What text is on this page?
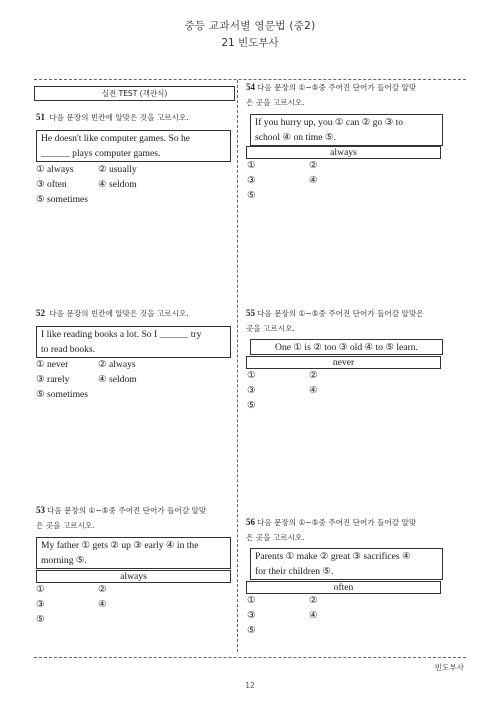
중등 교과서별 영문법 (중2)
21 빈도부사
실전 TEST (객관식)
51 다음 문장의 빈칸에 알맞은 것을 고르시오.
He doesn't like computer games. So he
______ plays computer games.
① always	② usually
③ often	④ seldom
⑤ sometimes
52 다음 문장의 빈칸에 알맞은 것을 고르시오.
I like reading books a lot. So I ______ try
to read books.
① never	② always
③ rarely	④ seldom
⑤ sometimes
53 다음 문장의 ①~⑤중 주어진 단어가 들어갈 알맞
은 곳을 고르시오.
My father ① gets ② up ③ early ④ in the
morning ⑤.
always
①	②
③	④
⑤
54 다음 문장의 ①~⑤중 주어진 단어가 들어갈 알맞
은 곳을 고르시오.
If you hurry up, you ① can ② go ③ to
school ④ on time ⑤.
always
①	②
③	④
⑤
55 다음 문장의 ①~⑤중 주어진 단어가 들어갈 알맞은
곳을 고르시오.
One ① is ② too ③ old ④ to ⑤ learn.
never
①	②
③	④
⑤
56 다음 문장의 ①~⑤중 주어진 단어가 들어갈 알맞
은 곳을 고르시오.
Parents ① make ② great ③ sacrifices ④
for their children ⑤.
often
①	②
③	④
⑤
빈도부사
12
